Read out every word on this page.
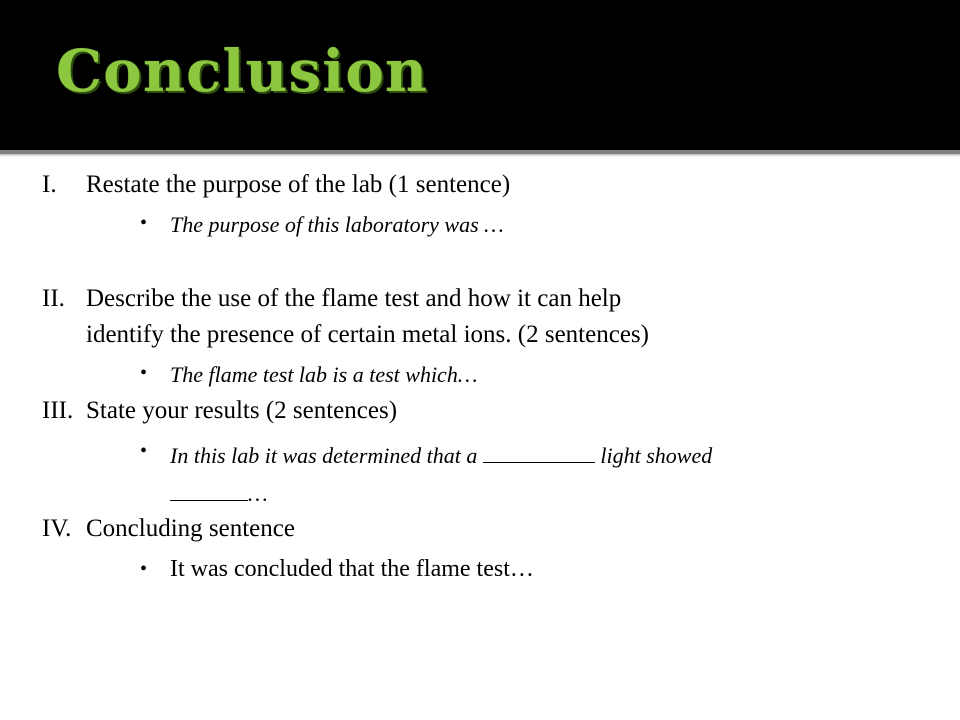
Conclusion
I. Restate the purpose of the lab (1 sentence)
• The purpose of this laboratory was …
II. Describe the use of the flame test and how it can help
identify the presence of certain metal ions. (2 sentences)
• The flame test lab is a test which…
III. State your results (2 sentences)
• In this lab it was determined that a	light showed
…
IV. Concluding sentence
• It was concluded that the flame test…
